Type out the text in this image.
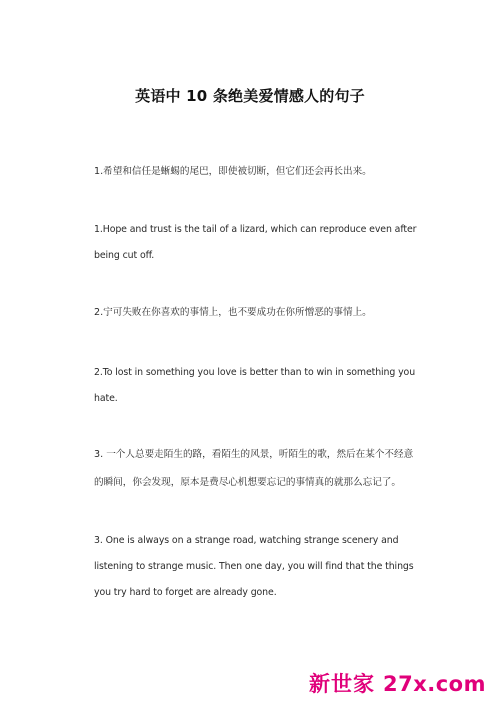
英语中 10 条绝美爱情感人的句子
1.希望和信任是蜥蜴的尾巴，即使被切断，但它们还会再长出来。
1.Hope and trust is the tail of a lizard, which can reproduce even after
being cut off.
2.宁可失败在你喜欢的事情上，也不要成功在你所憎恶的事情上。
2.To lost in something you love is better than to win in something you
hate.
3. 一个人总要走陌生的路，看陌生的风景，听陌生的歌，然后在某个不经意
的瞬间，你会发现，原本是费尽心机想要忘记的事情真的就那么忘记了。
3. One is always on a strange road, watching strange scenery and
listening to strange music. Then one day, you will find that the things
you try hard to forget are already gone.
新世家 27x.com
